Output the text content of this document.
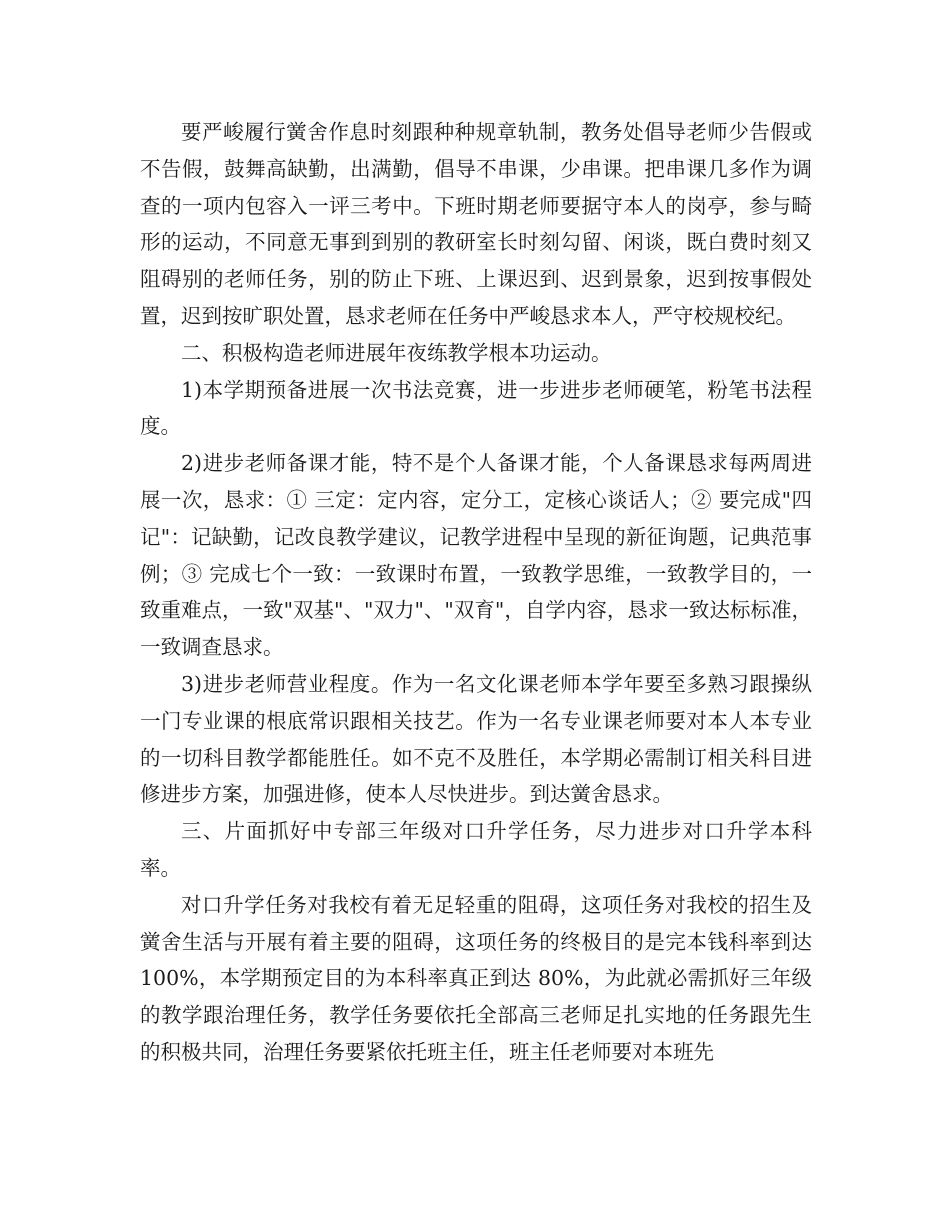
要严峻履行黉舍作息时刻跟种种规章轨制，教务处倡导老师少告假或不告假，鼓舞高缺勤，出满勤，倡导不串课，少串课。把串课几多作为调查的一项内包容入一评三考中。下班时期老师要据守本人的岗亭，参与畸形的运动，不同意无事到到别的教研室长时刻勾留、闲谈，既白费时刻又阻碍别的老师任务，别的防止下班、上课迟到、迟到景象，迟到按事假处置，迟到按旷职处置，恳求老师在任务中严峻恳求本人，严守校规校纪。

二、积极构造老师进展年夜练教学根本功运动。

1)本学期预备进展一次书法竞赛，进一步进步老师硬笔，粉笔书法程度。

2)进步老师备课才能，特不是个人备课才能，个人备课恳求每两周进展一次，恳求：① 三定：定内容，定分工，定核心谈话人；② 要完成"四记"：记缺勤，记改良教学建议，记教学进程中呈现的新征询题，记典范事例；③ 完成七个一致：一致课时布置，一致教学思维，一致教学目的，一致重难点，一致"双基"、"双力"、"双育"，自学内容，恳求一致达标标准，一致调查恳求。

3)进步老师营业程度。作为一名文化课老师本学年要至多熟习跟操纵一门专业课的根底常识跟相关技艺。作为一名专业课老师要对本人本专业的一切科目教学都能胜任。如不克不及胜任，本学期必需制订相关科目进修进步方案，加强进修，使本人尽快进步。到达黉舍恳求。

三、片面抓好中专部三年级对口升学任务，尽力进步对口升学本科率。

对口升学任务对我校有着无足轻重的阻碍，这项任务对我校的招生及黉舍生活与开展有着主要的阻碍，这项任务的终极目的是完本钱科率到达 100%，本学期预定目的为本科率真正到达 80%，为此就必需抓好三年级的教学跟治理任务，教学任务要依托全部高三老师足扎实地的任务跟先生的积极共同，治理任务要紧依托班主任，班主任老师要对本班先
